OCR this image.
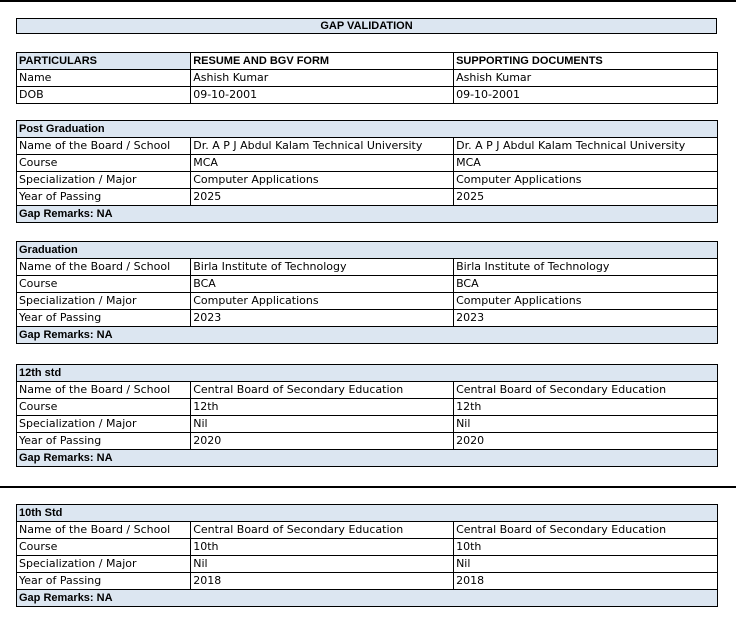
GAP VALIDATION
PARTICULARS	RESUME AND BGV FORM	SUPPORTING DOCUMENTS
Name	Ashish Kumar	Ashish Kumar
DOB	09-10-2001	09-10-2001
Post Graduation		
Name of the Board / School	Dr. A P J Abdul Kalam Technical University	Dr. A P J Abdul Kalam Technical University
Course	MCA	MCA
Specialization / Major	Computer Applications	Computer Applications
Year of Passing	2025	2025
Gap Remarks: NA		
Graduation		
Name of the Board / School	Birla Institute of Technology	Birla Institute of Technology
Course	BCA	BCA
Specialization / Major	Computer Applications	Computer Applications
Year of Passing	2023	2023
Gap Remarks: NA		
12th std		
Name of the Board / School	Central Board of Secondary Education	Central Board of Secondary Education
Course	12th	12th
Specialization / Major	Nil	Nil
Year of Passing	2020	2020
Gap Remarks: NA		
10th Std		
Name of the Board / School	Central Board of Secondary Education	Central Board of Secondary Education
Course	10th	10th
Specialization / Major	Nil	Nil
Year of Passing	2018	2018
Gap Remarks: NA		
